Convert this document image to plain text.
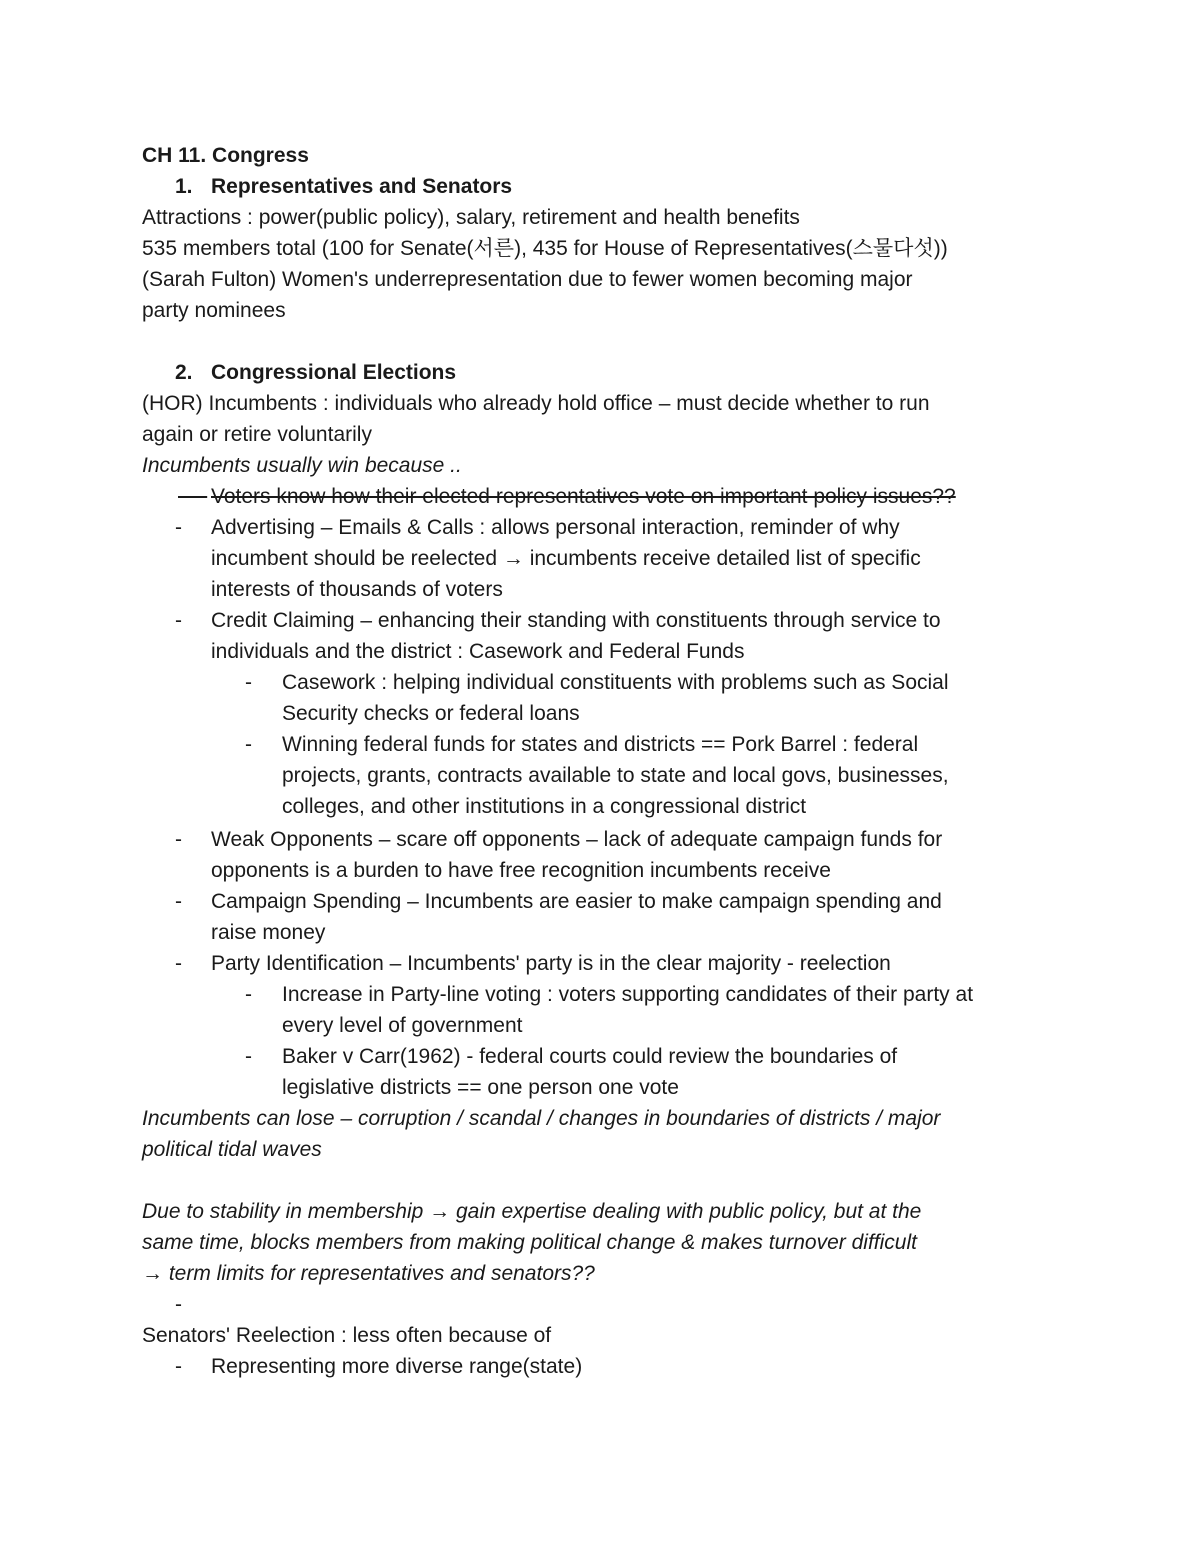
CH 11. Congress
1. Representatives and Senators
Attractions : power(public policy), salary, retirement and health benefits
535 members total (100 for Senate(서른), 435 for House of Representatives(스물다섯))
(Sarah Fulton) Women's underrepresentation due to fewer women becoming major
party nominees
2. Congressional Elections
(HOR) Incumbents : individuals who already hold office – must decide whether to run
again or retire voluntarily
Incumbents usually win because ..

Voters know how their elected representatives vote on important policy issues??
- Advertising – Emails & Calls : allows personal interaction, reminder of why
incumbent should be reelected → incumbents receive detailed list of specific
interests of thousands of voters
- Credit Claiming – enhancing their standing with constituents through service to
individuals and the district : Casework and Federal Funds
- Casework : helping individual constituents with problems such as Social
Security checks or federal loans
- Winning federal funds for states and districts == Pork Barrel : federal
projects, grants, contracts available to state and local govs, businesses,
colleges, and other institutions in a congressional district
- Weak Opponents – scare off opponents – lack of adequate campaign funds for
opponents is a burden to have free recognition incumbents receive
- Campaign Spending – Incumbents are easier to make campaign spending and
raise money
- Party Identification – Incumbents' party is in the clear majority - reelection
- Increase in Party-line voting : voters supporting candidates of their party at
every level of government
- Baker v Carr(1962) - federal courts could review the boundaries of
legislative districts == one person one vote
Incumbents can lose – corruption / scandal / changes in boundaries of districts / major
political tidal waves
Due to stability in membership → gain expertise dealing with public policy, but at the
same time, blocks members from making political change & makes turnover difficult
→ term limits for representatives and senators??
-
Senators' Reelection : less often because of
- Representing more diverse range(state)
